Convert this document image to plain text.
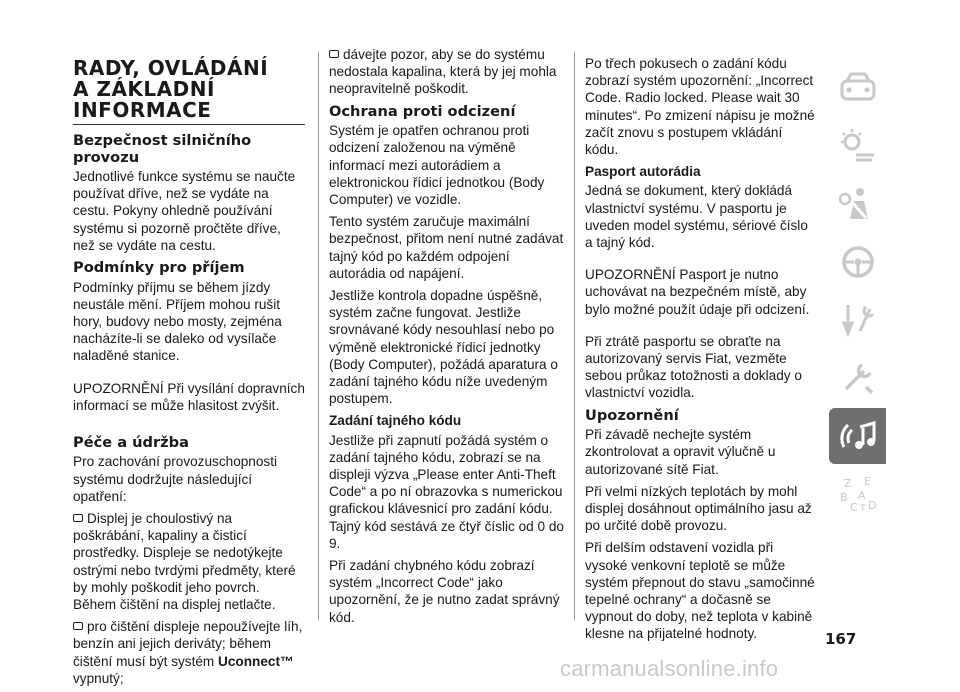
RADY, OVLÁDÁNÍ
A ZÁKLADNÍ
INFORMACE
Bezpečnost silničního provozu

Jednotlivé funkce systému se naučte používat dříve, než se vydáte na cestu. Pokyny ohledně používání systému si pozorně pročtěte dříve, než se vydáte na cestu.

Podmínky pro příjem

Podmínky příjmu se během jízdy neustále mění. Příjem mohou rušit hory, budovy nebo mosty, zejména nacházíte-li se daleko od vysílače naladěné stanice.

UPOZORNĚNÍ Při vysílání dopravních informací se může hlasitost zvýšit.

Péče a údržba

Pro zachování provozuschopnosti systému dodržujte následující opatření:

Displej je choulostivý na poškrábání, kapaliny a čisticí prostředky. Displeje se nedotýkejte ostrými nebo tvrdými předměty, které by mohly poškodit jeho povrch. Během čištění na displej netlačte.

pro čištění displeje nepoužívejte líh, benzín ani jejich deriváty; během čištění musí být systém Uconnect™ vypnutý;

dávejte pozor, aby se do systému nedostala kapalina, která by jej mohla neopravitelně poškodit.

Ochrana proti odcizení

Systém je opatřen ochranou proti odcizení založenou na výměně informací mezi autorádiem a elektronickou řídicí jednotkou (Body Computer) ve vozidle.

Tento systém zaručuje maximální bezpečnost, přitom není nutné zadávat tajný kód po každém odpojení autorádia od napájení.

Jestliže kontrola dopadne úspěšně, systém začne fungovat. Jestliže srovnávané kódy nesouhlasí nebo po výměně elektronické řídicí jednotky (Body Computer), požádá aparatura o zadání tajného kódu níže uvedeným postupem.

Zadání tajného kódu

Jestliže při zapnutí požádá systém o zadání tajného kódu, zobrazí se na displeji výzva „Please enter Anti-Theft Code“ a po ní obrazovka s numerickou grafickou klávesnicí pro zadání kódu. Tajný kód sestává ze čtyř číslic od 0 do 9.

Při zadání chybného kódu zobrazí systém „Incorrect Code“ jako upozornění, že je nutno zadat správný kód.

Po třech pokusech o zadání kódu zobrazí systém upozornění: „Incorrect Code. Radio locked. Please wait 30 minutes“. Po zmizení nápisu je možné začít znovu s postupem vkládání kódu.

Pasport autorádia

Jedná se dokument, který dokládá vlastnictví systému. V pasportu je uveden model systému, sériové číslo a tajný kód.

UPOZORNĚNÍ Pasport je nutno uchovávat na bezpečném místě, aby bylo možné použít údaje při odcizení.

Při ztrátě pasportu se obraťte na autorizovaný servis Fiat, vezměte sebou průkaz totožnosti a doklady o vlastnictví vozidla.

Upozornění

Při závadě nechejte systém zkontrolovat a opravit výlučně u autorizované sítě Fiat.

Při velmi nízkých teplotách by mohl displej dosáhnout optimálního jasu až po určité době provozu.

Při delším odstavení vozidla při vysoké venkovní teplotě se může systém přepnout do stavu „samočinné tepelné ochrany“ a dočasně se vypnout do doby, než teplota v kabině klesne na přijatelné hodnoty.

Z E
B A
C D
T
167
carmanualsonline.info
